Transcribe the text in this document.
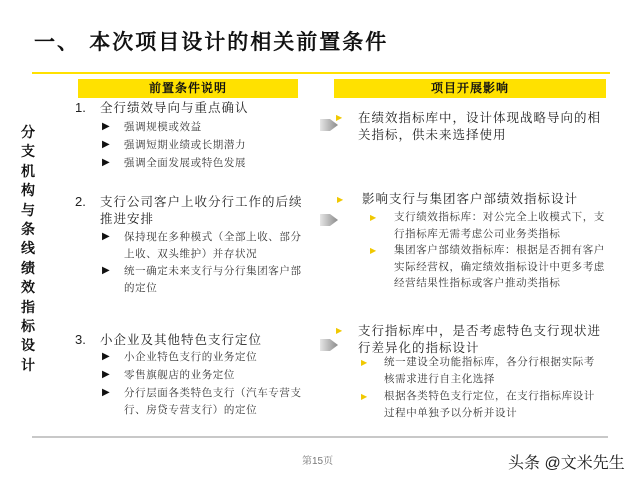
一、 本次项目设计的相关前置条件
分支机构与条线绩效指标设计
前置条件说明	项目开展影响
1. 全行绩效导向与重点确认
▶ 强调规模或效益
▶ 强调短期业绩或长期潜力
▶ 强调全面发展或特色发展
2. 支行公司客户上收分行工作的后续推进安排
▶ 保持现在多种模式（全部上收、部分上收、双头维护）并存状况
▶ 统一确定未来支行与分行集团客户部的定位
3. 小企业及其他特色支行定位
▶ 小企业特色支行的业务定位
▶ 零售旗舰店的业务定位
▶ 分行层面各类特色支行（汽车专营支行、房贷专营支行）的定位
▶ 在绩效指标库中，设计体现战略导向的相关指标，供未来选择使用
▶ 影响支行与集团客户部绩效指标设计
▶ 支行绩效指标库：对公完全上收模式下，支行指标库无需考虑公司业务类指标
▶ 集团客户部绩效指标库：根据是否拥有客户实际经营权，确定绩效指标设计中更多考虑经营结果性指标或客户推动类指标
▶ 支行指标库中，是否考虑特色支行现状进行差异化的指标设计
▶ 统一建设全功能指标库，各分行根据实际考核需求进行自主化选择
▶ 根据各类特色支行定位，在支行指标库设计过程中单独予以分析并设计
第15页	头条 @文米先生
